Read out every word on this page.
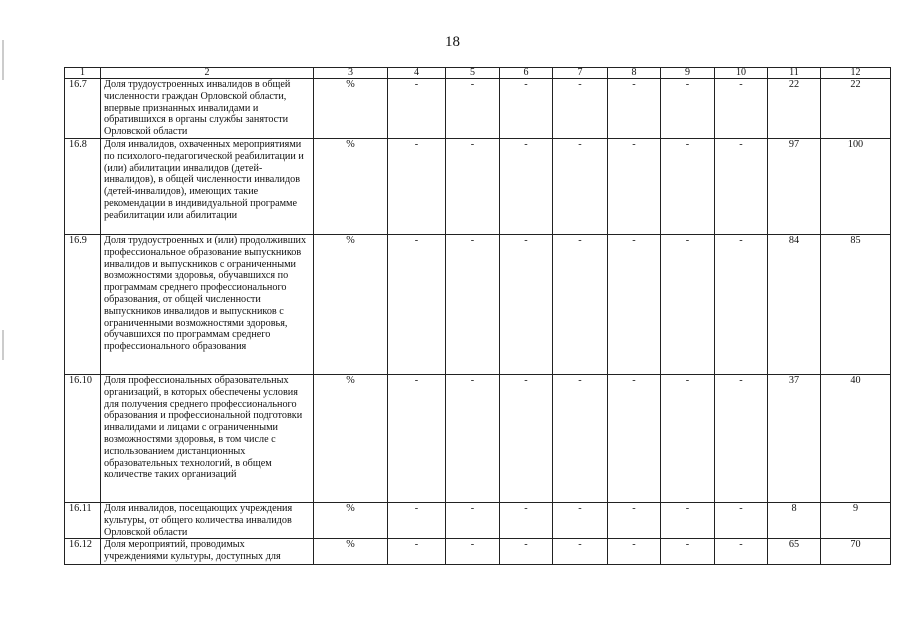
18
1	2	3	4	5	6	7	8	9	10	11	12
16.7	Доля трудоустроенных инвалидов в общей численности граждан Орловской области, впервые признанных инвалидами и обратившихся в органы службы занятости Орловской области	%	-	-	-	-	-	-	-	22	22
16.8	Доля инвалидов, охваченных мероприятиями по психолого-педагогической реабилитации и (или) абилитации инвалидов (детей-инвалидов), в общей численности инвалидов (детей-инвалидов), имеющих такие рекомендации в индивидуальной программе реабилитации или абилитации	%	-	-	-	-	-	-	-	97	100
16.9	Доля трудоустроенных и (или) продолживших профессиональное образование выпускников инвалидов и выпускников с ограниченными возможностями здоровья, обучавшихся по программам среднего профессионального образования, от общей численности выпускников инвалидов и выпускников с ограниченными возможностями здоровья, обучавшихся по программам среднего профессионального образования	%	-	-	-	-	-	-	-	84	85
16.10	Доля профессиональных образовательных организаций, в которых обеспечены условия для получения среднего профессионального образования и профессиональной подготовки инвалидами и лицами с ограниченными возможностями здоровья, в том числе с использованием дистанционных образовательных технологий, в общем количестве таких организаций	%	-	-	-	-	-	-	-	37	40
16.11	Доля инвалидов, посещающих учреждения культуры, от общего количества инвалидов Орловской области	%	-	-	-	-	-	-	-	8	9
16.12	Доля мероприятий, проводимых учреждениями культуры, доступных для	%	-	-	-	-	-	-	-	65	70
